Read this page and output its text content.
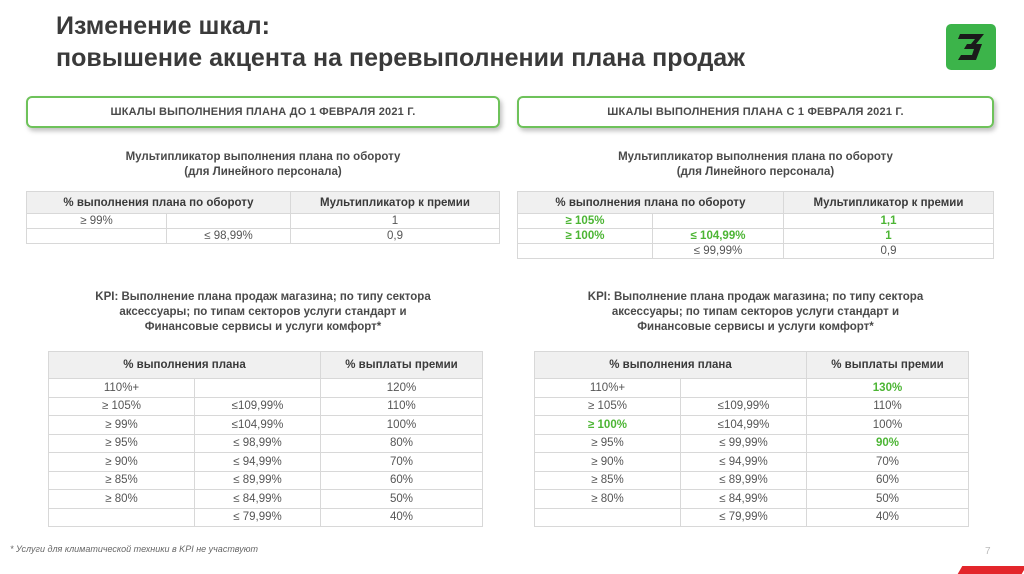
Изменение шкал:
повышение акцента на перевыполнении плана продаж
ШКАЛЫ ВЫПОЛНЕНИЯ ПЛАНА ДО 1 ФЕВРАЛЯ 2021 Г.
Мультипликатор выполнения плана по обороту
(для Линейного персонала)
% выполнения плана по обороту		Мультипликатор к премии
≥ 99%		1
	≤ 98,99%	0,9
KPI: Выполнение плана продаж магазина; по типу сектора
аксессуары; по типам секторов услуги стандарт и
Финансовые сервисы и услуги комфорт*
% выполнения плана		% выплаты премии
110%+		120%
≥ 105%	≤109,99%	110%
≥ 99%	≤104,99%	100%
≥ 95%	≤ 98,99%	80%
≥ 90%	≤ 94,99%	70%
≥ 85%	≤ 89,99%	60%
≥ 80%	≤ 84,99%	50%
	≤ 79,99%	40%
ШКАЛЫ ВЫПОЛНЕНИЯ ПЛАНА С 1 ФЕВРАЛЯ 2021 Г.
Мультипликатор выполнения плана по обороту
(для Линейного персонала)
% выполнения плана по обороту		Мультипликатор к премии
≥ 105%		1,1
≥ 100%	≤ 104,99%	1
	≤ 99,99%	0,9
KPI: Выполнение плана продаж магазина; по типу сектора
аксессуары; по типам секторов услуги стандарт и
Финансовые сервисы и услуги комфорт*
% выполнения плана		% выплаты премии
110%+		130%
≥ 105%	≤109,99%	110%
≥ 100%	≤104,99%	100%
≥ 95%	≤ 99,99%	90%
≥ 90%	≤ 94,99%	70%
≥ 85%	≤ 89,99%	60%
≥ 80%	≤ 84,99%	50%
	≤ 79,99%	40%
* Услуги для климатической техники в KPI не участвуют	7
